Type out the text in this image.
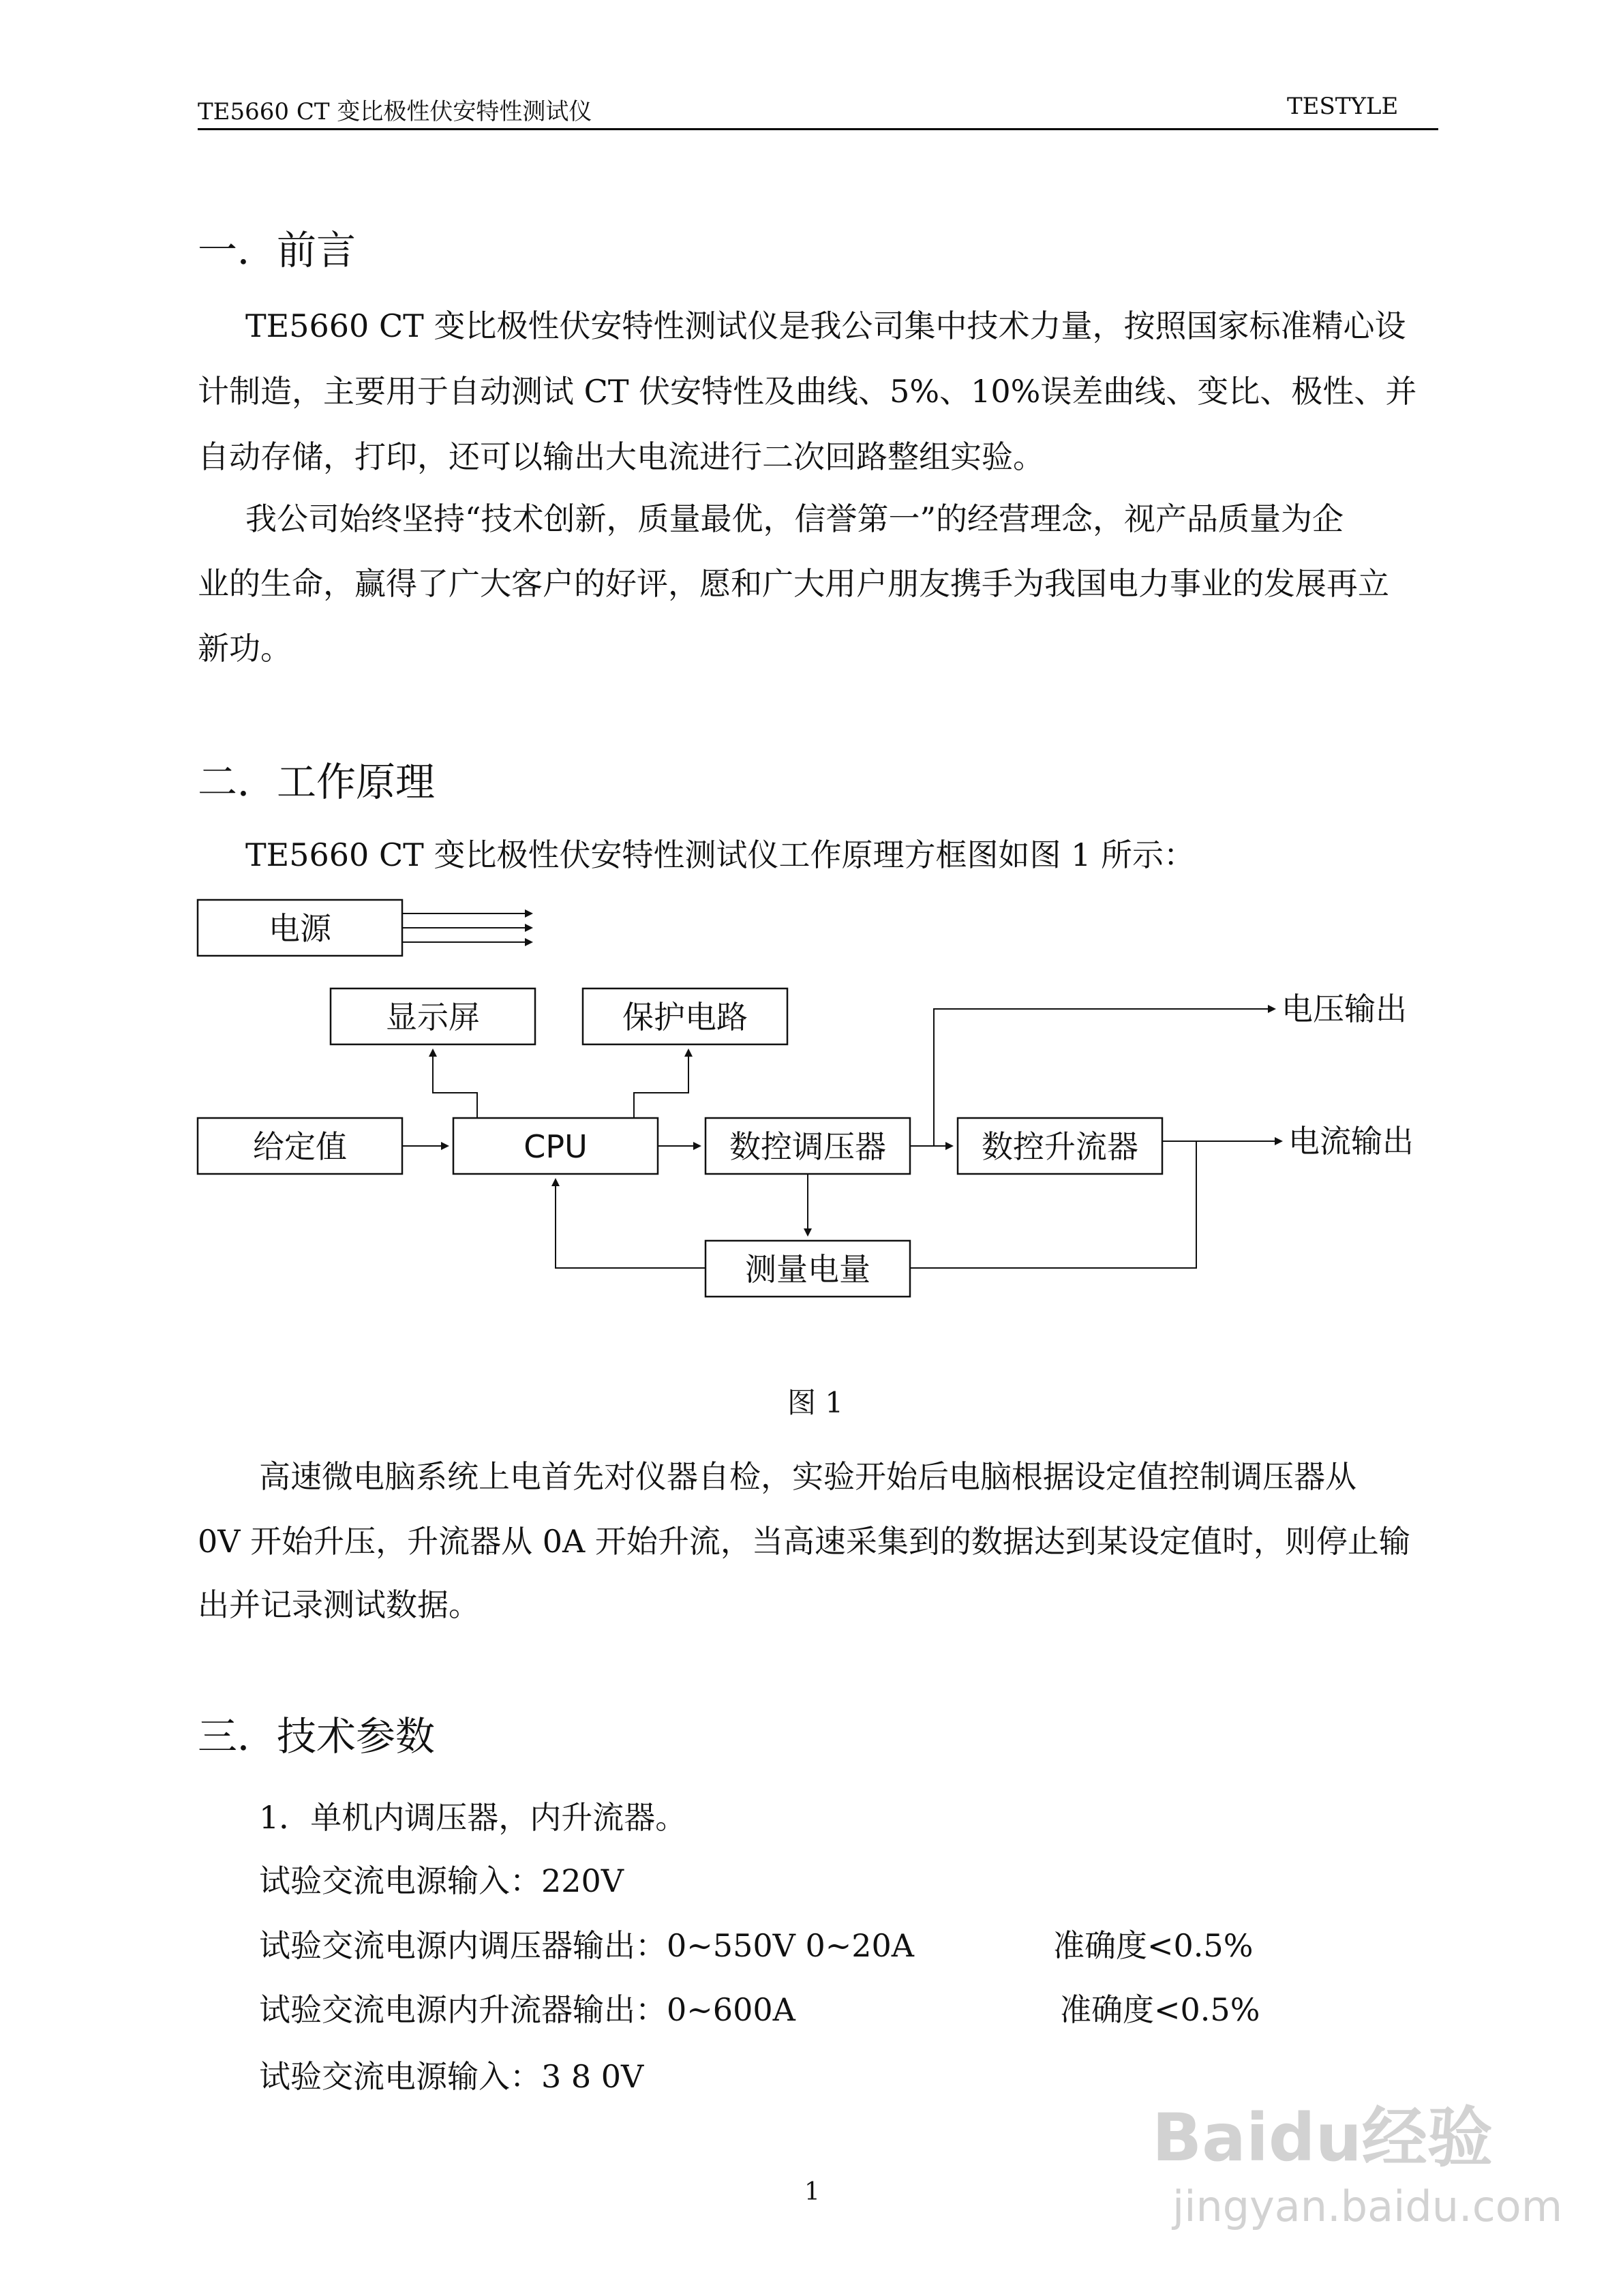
TE5660 CT 变比极性伏安特性测试仪	TESTYLE
一．前言
TE5660 CT 变比极性伏安特性测试仪是我公司集中技术力量，按照国家标准精心设
计制造，主要用于自动测试 CT 伏安特性及曲线、5%、10%误差曲线、变比、极性、并
自动存储，打印，还可以输出大电流进行二次回路整组实验。
我公司始终坚持“技术创新，质量最优，信誉第一”的经营理念，视产品质量为企
业的生命，赢得了广大客户的好评，愿和广大用户朋友携手为我国电力事业的发展再立
新功。
二．工作原理
TE5660 CT 变比极性伏安特性测试仪工作原理方框图如图 1 所示：
电源
显示屏	保护电路
给定值	CPU	数控调压器	数控升流器
测量电量
电压输出
电流输出
图 1
高速微电脑系统上电首先对仪器自检，实验开始后电脑根据设定值控制调压器从
0V 开始升压，升流器从 0A 开始升流，当高速采集到的数据达到某设定值时，则停止输
出并记录测试数据。
三．技术参数
1．单机内调压器，内升流器。
试验交流电源输入：220V
试验交流电源内调压器输出：0~550V 0~20A	准确度<0.5%
试验交流电源内升流器输出：0~600A	准确度<0.5%
试验交流电源输入：3 8 0V
1
Baidu经验
jingyan.baidu.com
